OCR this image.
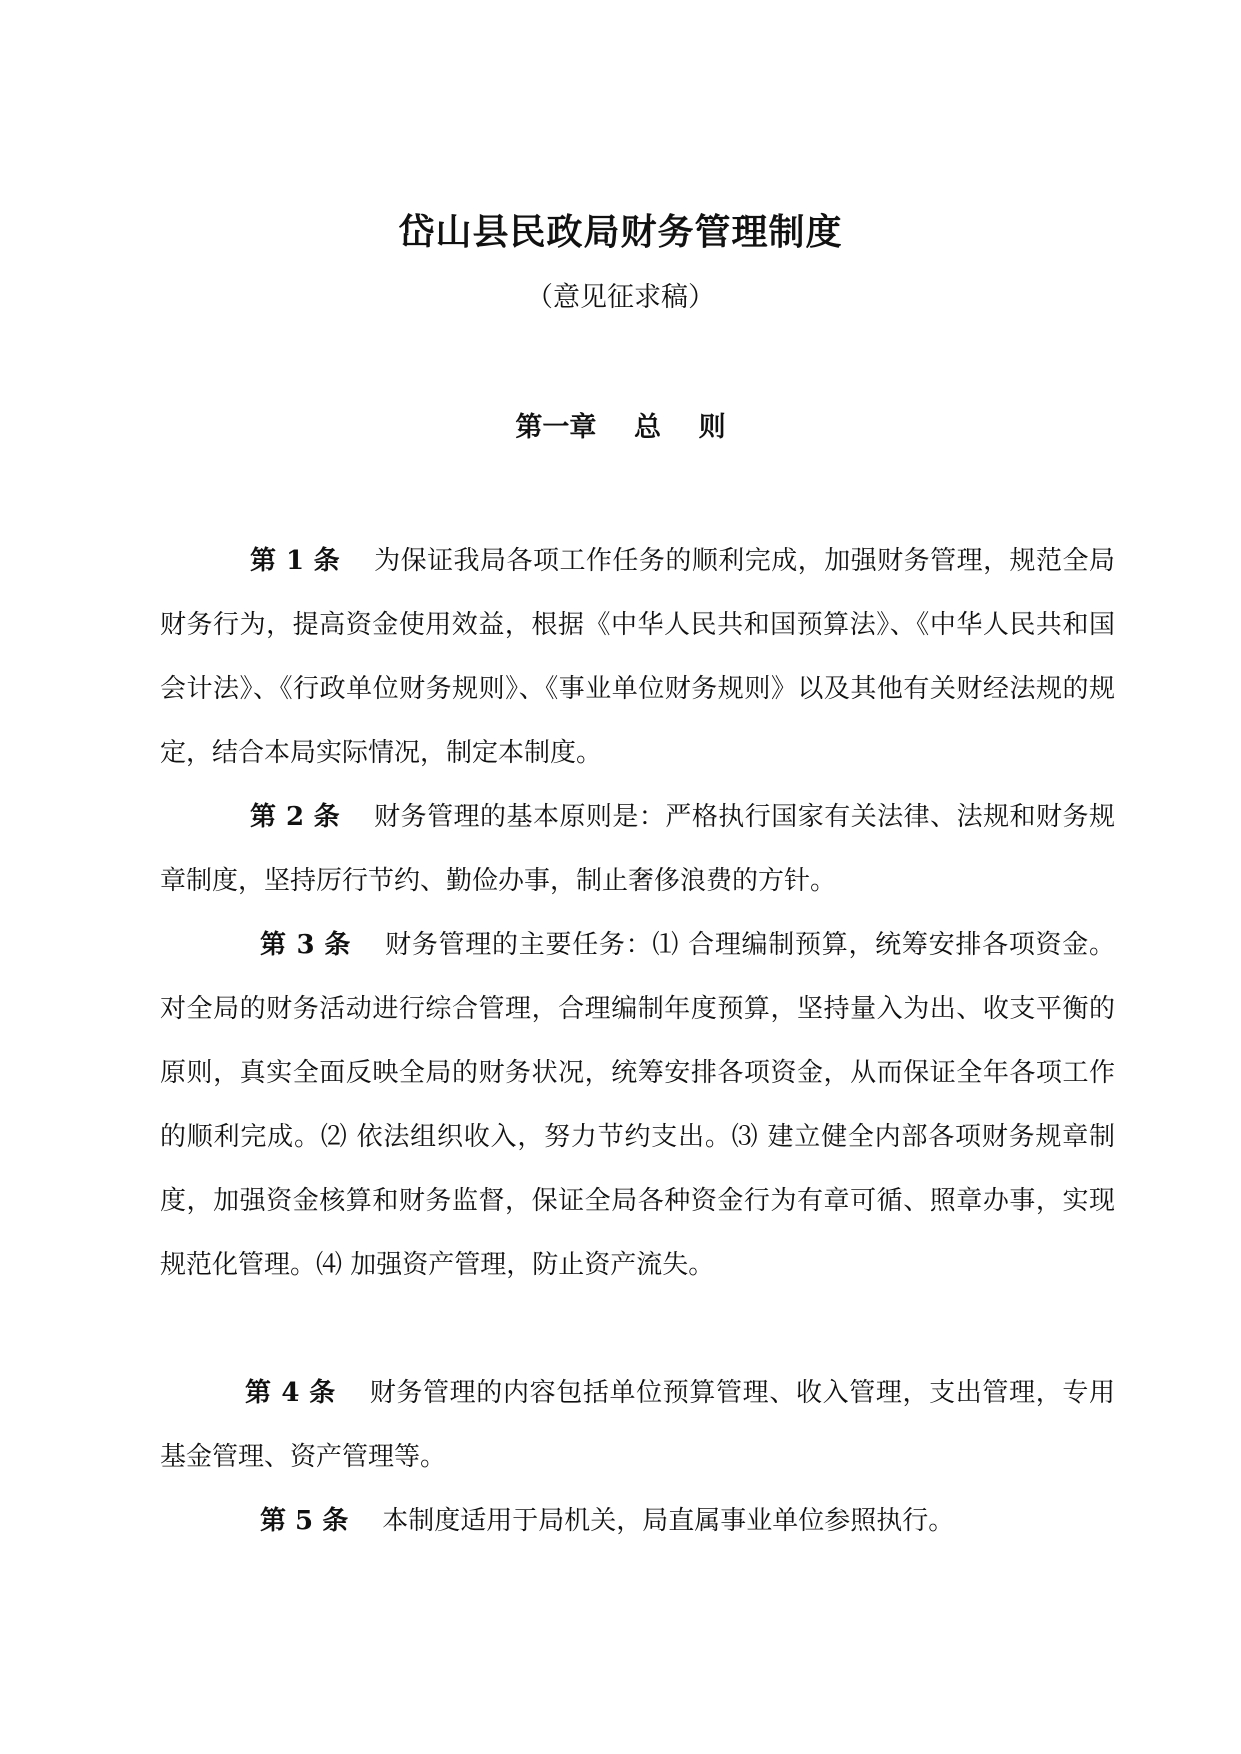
岱山县民政局财务管理制度
（意见征求稿）
第一章    总    则

第 1 条 为保证我局各项工作任务的顺利完成，加强财务管理，规范全局财务行为，提高资金使用效益，根据《中华人民共和国预算法》、《中华人民共和国会计法》、《行政单位财务规则》、《事业单位财务规则》以及其他有关财经法规的规定，结合本局实际情况，制定本制度。

第 2 条 财务管理的基本原则是：严格执行国家有关法律、法规和财务规章制度，坚持厉行节约、勤俭办事，制止奢侈浪费的方针。

第 3 条 财务管理的主要任务：⑴ 合理编制预算，统筹安排各项资金。对全局的财务活动进行综合管理，合理编制年度预算，坚持量入为出、收支平衡的原则，真实全面反映全局的财务状况，统筹安排各项资金，从而保证全年各项工作的顺利完成。⑵ 依法组织收入，努力节约支出。⑶ 建立健全内部各项财务规章制度，加强资金核算和财务监督，保证全局各种资金行为有章可循、照章办事，实现规范化管理。⑷ 加强资产管理，防止资产流失。

第 4 条 财务管理的内容包括单位预算管理、收入管理，支出管理，专用基金管理、资产管理等。

第 5 条 本制度适用于局机关，局直属事业单位参照执行。
